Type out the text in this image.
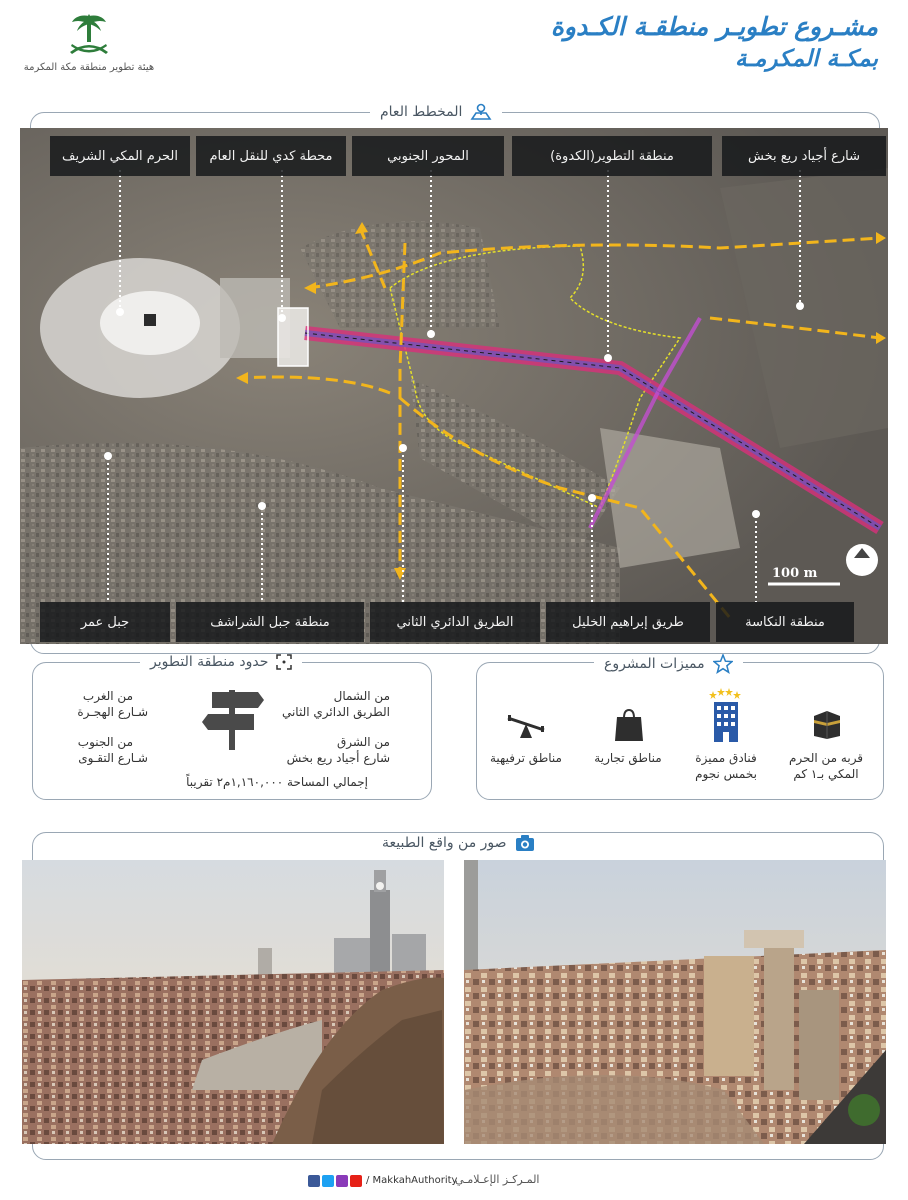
مشـروع تطويـر منطقـة الكـدوة
بمكـة المكرمـة
هيئة تطوير منطقة مكة المكرمة
المخطط العام
شارع أجياد ريع بخش
منطقة التطوير(الكدوة)
المحور الجنوبي
محطة كدي للنقل العام
الحرم المكي الشريف
منطقة النكاسة
طريق إبراهيم الخليل
الطريق الدائري الثاني
منطقة جبل الشراشف
جبل عمر
100 m
حدود منطقة التطوير
من الشمال
الطريق الدائري الثاني
من الشرق
شارع أجياد ريع بخش
من الغرب
شـارع الهجـرة
من الجنوب
شـارع التقـوى
إجمالي المساحة ١,١٦٠,٠٠٠م٢ تقريباً
مميزات المشروع
قربه من الحرم
المكي بـ١ كم
فنادق مميزة
بخمس نجوم
مناطق تجارية
مناطق ترفيهية
صور من واقع الطبيعة
/ MakkahAuthority
المـركـز الإعـلامـي
